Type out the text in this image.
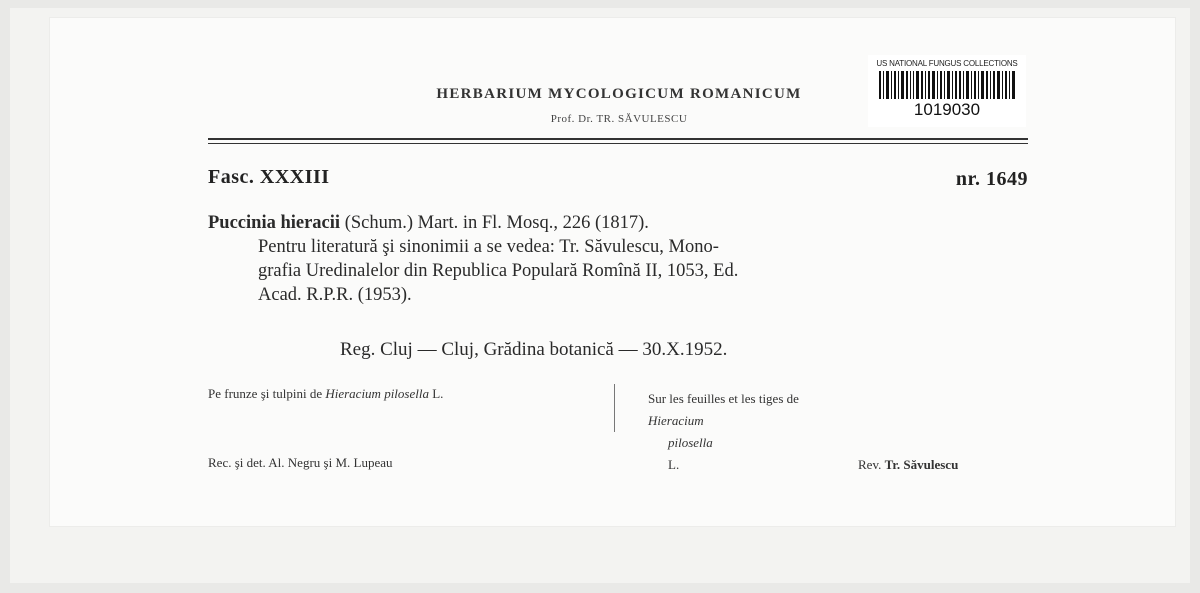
US NATIONAL FUNGUS COLLECTIONS
1019030
HERBARIUM MYCOLOGICUM ROMANICUM
Prof. Dr. TR. SĂVULESCU
Fasc. XXXIII	nr. 1649
Puccinia hieracii (Schum.) Mart. in Fl. Mosq., 226 (1817).
Pentru literatură şi sinonimii a se vedea: Tr. Săvulescu, Mono-
grafia Uredinalelor din Republica Populară Romînă II, 1053, Ed.
Acad. R.P.R. (1953).
Reg. Cluj — Cluj, Grădina botanică — 30.X.1952.
Pe frunze şi tulpini de Hieracium pilosella L.	Sur les feuilles et les tiges de
Hieracium
pilosella
L.
Rec. şi det. Al. Negru şi M. Lupeau	Rev. Tr. Săvulescu
